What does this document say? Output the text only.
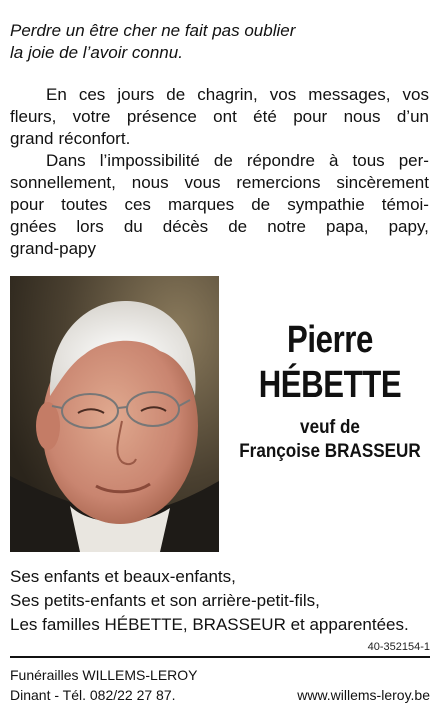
Perdre un être cher ne fait pas oublier
la joie de l’avoir connu.
En ces jours de chagrin, vos messages, vos
fleurs, votre présence ont été pour nous d’un
grand réconfort.
Dans l’impossibilité de répondre à tous per-
sonnellement, nous vous remercions sincèrement
pour toutes ces marques de sympathie témoi-
gnées lors du décès de notre papa, papy,
grand-papy
Pierre
HÉBETTE
veuf de
Françoise BRASSEUR
Ses enfants et beaux-enfants,
Ses petits-enfants et son arrière-petit-fils,
Les familles HÉBETTE, BRASSEUR et apparentées.
40-352154-1
Funérailles WILLEMS-LEROY
Dinant - Tél. 082/22 27 87.	www.willems-leroy.be
